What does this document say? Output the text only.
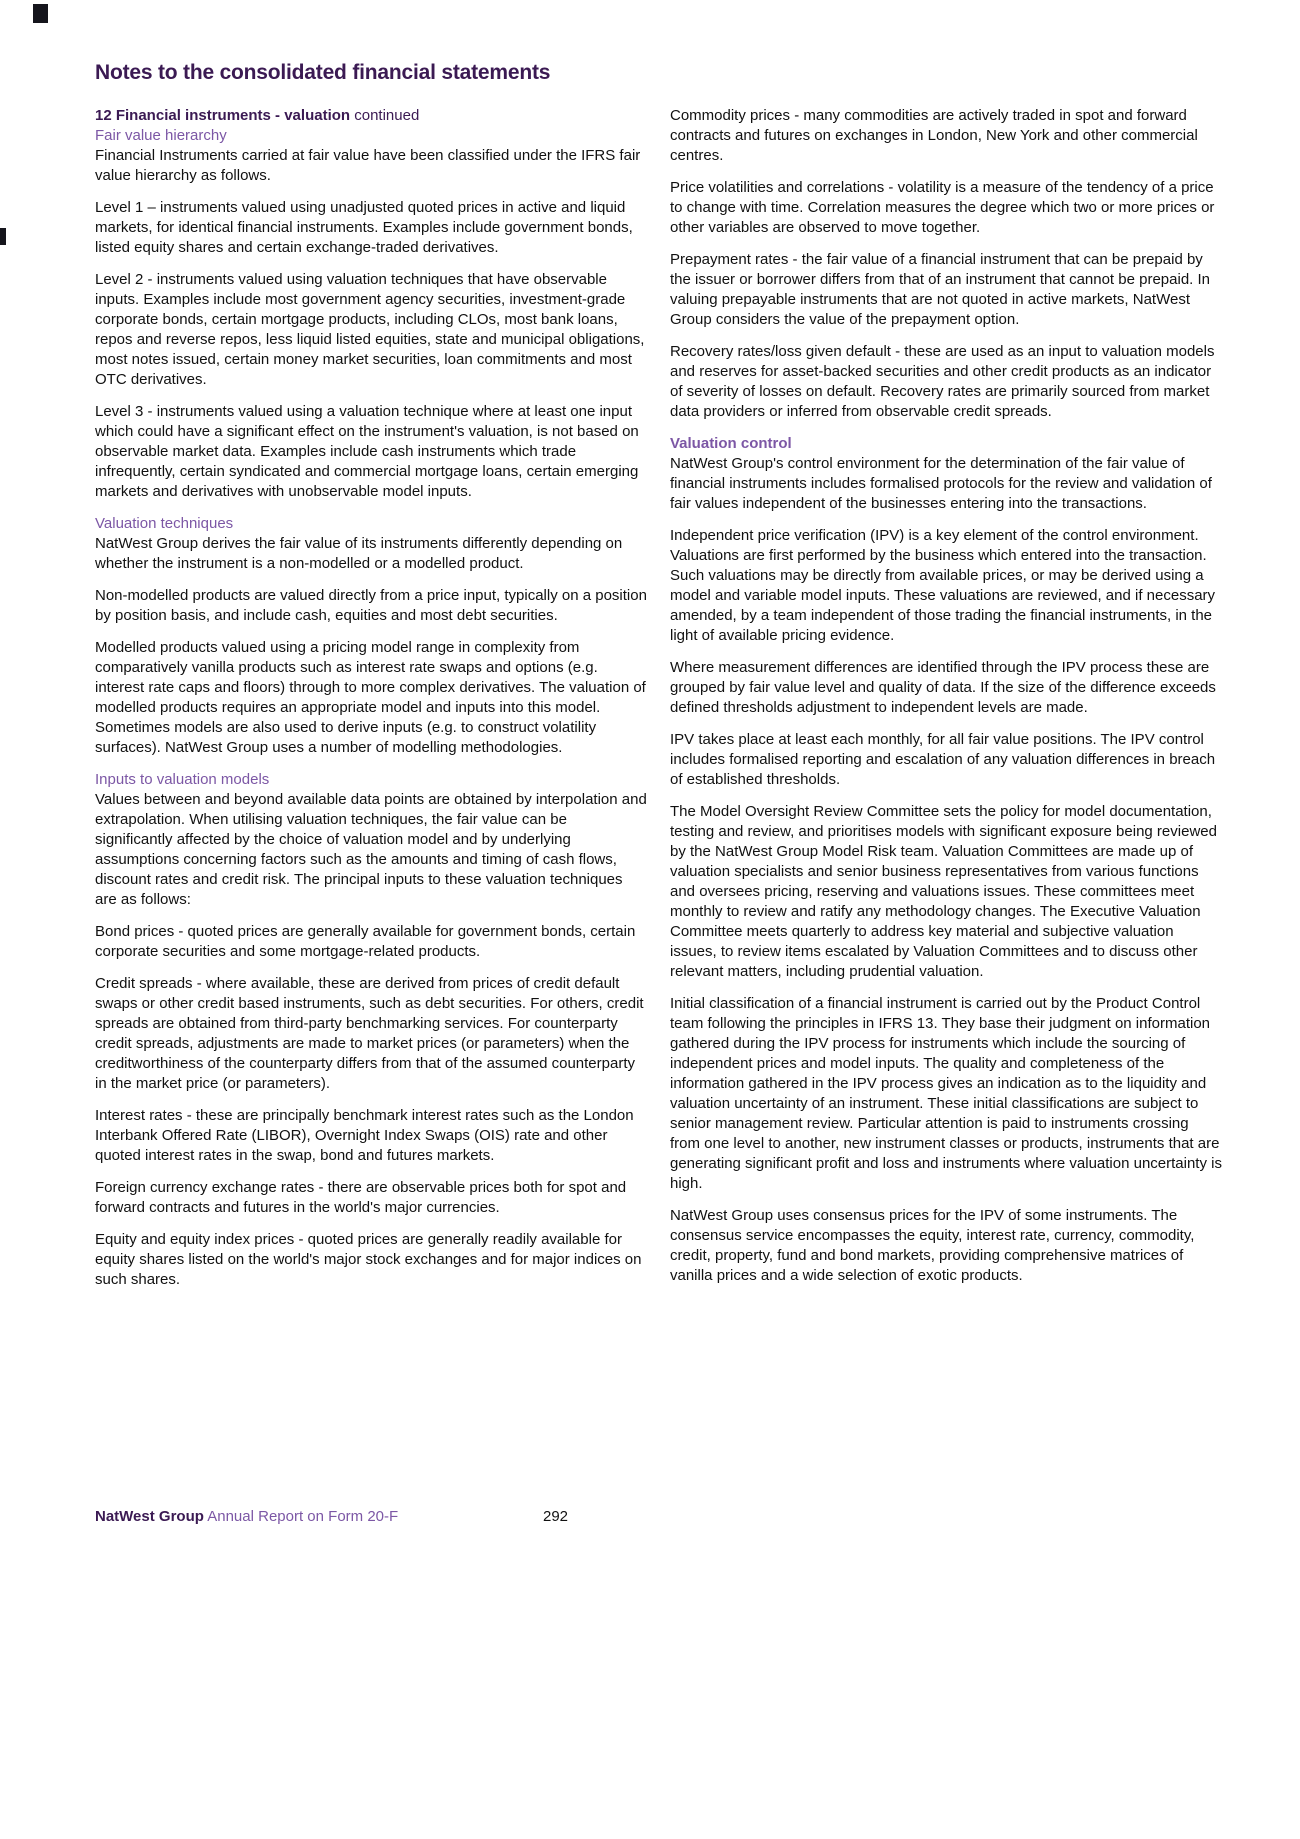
Notes to the consolidated financial statements
12 Financial instruments - valuation continued
Fair value hierarchy

Financial Instruments carried at fair value have been classified under the IFRS fair value hierarchy as follows.

Level 1 – instruments valued using unadjusted quoted prices in active and liquid markets, for identical financial instruments. Examples include government bonds, listed equity shares and certain exchange-traded derivatives.

Level 2 - instruments valued using valuation techniques that have observable inputs. Examples include most government agency securities, investment-grade corporate bonds, certain mortgage products, including CLOs, most bank loans, repos and reverse repos, less liquid listed equities, state and municipal obligations, most notes issued, certain money market securities, loan commitments and most OTC derivatives.

Level 3 - instruments valued using a valuation technique where at least one input which could have a significant effect on the instrument's valuation, is not based on observable market data. Examples include cash instruments which trade infrequently, certain syndicated and commercial mortgage loans, certain emerging markets and derivatives with unobservable model inputs.

Valuation techniques

NatWest Group derives the fair value of its instruments differently depending on whether the instrument is a non-modelled or a modelled product.

Non-modelled products are valued directly from a price input, typically on a position by position basis, and include cash, equities and most debt securities.

Modelled products valued using a pricing model range in complexity from comparatively vanilla products such as interest rate swaps and options (e.g. interest rate caps and floors) through to more complex derivatives. The valuation of modelled products requires an appropriate model and inputs into this model. Sometimes models are also used to derive inputs (e.g. to construct volatility surfaces). NatWest Group uses a number of modelling methodologies.

Inputs to valuation models

Values between and beyond available data points are obtained by interpolation and extrapolation. When utilising valuation techniques, the fair value can be significantly affected by the choice of valuation model and by underlying assumptions concerning factors such as the amounts and timing of cash flows, discount rates and credit risk. The principal inputs to these valuation techniques are as follows:

Bond prices - quoted prices are generally available for government bonds, certain corporate securities and some mortgage-related products.

Credit spreads - where available, these are derived from prices of credit default swaps or other credit based instruments, such as debt securities. For others, credit spreads are obtained from third-party benchmarking services. For counterparty credit spreads, adjustments are made to market prices (or parameters) when the creditworthiness of the counterparty differs from that of the assumed counterparty in the market price (or parameters).

Interest rates - these are principally benchmark interest rates such as the London Interbank Offered Rate (LIBOR), Overnight Index Swaps (OIS) rate and other quoted interest rates in the swap, bond and futures markets.

Foreign currency exchange rates - there are observable prices both for spot and forward contracts and futures in the world's major currencies.

Equity and equity index prices - quoted prices are generally readily available for equity shares listed on the world's major stock exchanges and for major indices on such shares.

Commodity prices - many commodities are actively traded in spot and forward contracts and futures on exchanges in London, New York and other commercial centres.

Price volatilities and correlations - volatility is a measure of the tendency of a price to change with time. Correlation measures the degree which two or more prices or other variables are observed to move together.

Prepayment rates - the fair value of a financial instrument that can be prepaid by the issuer or borrower differs from that of an instrument that cannot be prepaid. In valuing prepayable instruments that are not quoted in active markets, NatWest Group considers the value of the prepayment option.

Recovery rates/loss given default - these are used as an input to valuation models and reserves for asset-backed securities and other credit products as an indicator of severity of losses on default. Recovery rates are primarily sourced from market data providers or inferred from observable credit spreads.

Valuation control

NatWest Group's control environment for the determination of the fair value of financial instruments includes formalised protocols for the review and validation of fair values independent of the businesses entering into the transactions.

Independent price verification (IPV) is a key element of the control environment. Valuations are first performed by the business which entered into the transaction. Such valuations may be directly from available prices, or may be derived using a model and variable model inputs. These valuations are reviewed, and if necessary amended, by a team independent of those trading the financial instruments, in the light of available pricing evidence.

Where measurement differences are identified through the IPV process these are grouped by fair value level and quality of data. If the size of the difference exceeds defined thresholds adjustment to independent levels are made.

IPV takes place at least each monthly, for all fair value positions. The IPV control includes formalised reporting and escalation of any valuation differences in breach of established thresholds.

The Model Oversight Review Committee sets the policy for model documentation, testing and review, and prioritises models with significant exposure being reviewed by the NatWest Group Model Risk team. Valuation Committees are made up of valuation specialists and senior business representatives from various functions and oversees pricing, reserving and valuations issues. These committees meet monthly to review and ratify any methodology changes. The Executive Valuation Committee meets quarterly to address key material and subjective valuation issues, to review items escalated by Valuation Committees and to discuss other relevant matters, including prudential valuation.

Initial classification of a financial instrument is carried out by the Product Control team following the principles in IFRS 13. They base their judgment on information gathered during the IPV process for instruments which include the sourcing of independent prices and model inputs. The quality and completeness of the information gathered in the IPV process gives an indication as to the liquidity and valuation uncertainty of an instrument. These initial classifications are subject to senior management review. Particular attention is paid to instruments crossing from one level to another, new instrument classes or products, instruments that are generating significant profit and loss and instruments where valuation uncertainty is high.

NatWest Group uses consensus prices for the IPV of some instruments. The consensus service encompasses the equity, interest rate, currency, commodity, credit, property, fund and bond markets, providing comprehensive matrices of vanilla prices and a wide selection of exotic products.

NatWest Group Annual Report on Form 20-F	292
